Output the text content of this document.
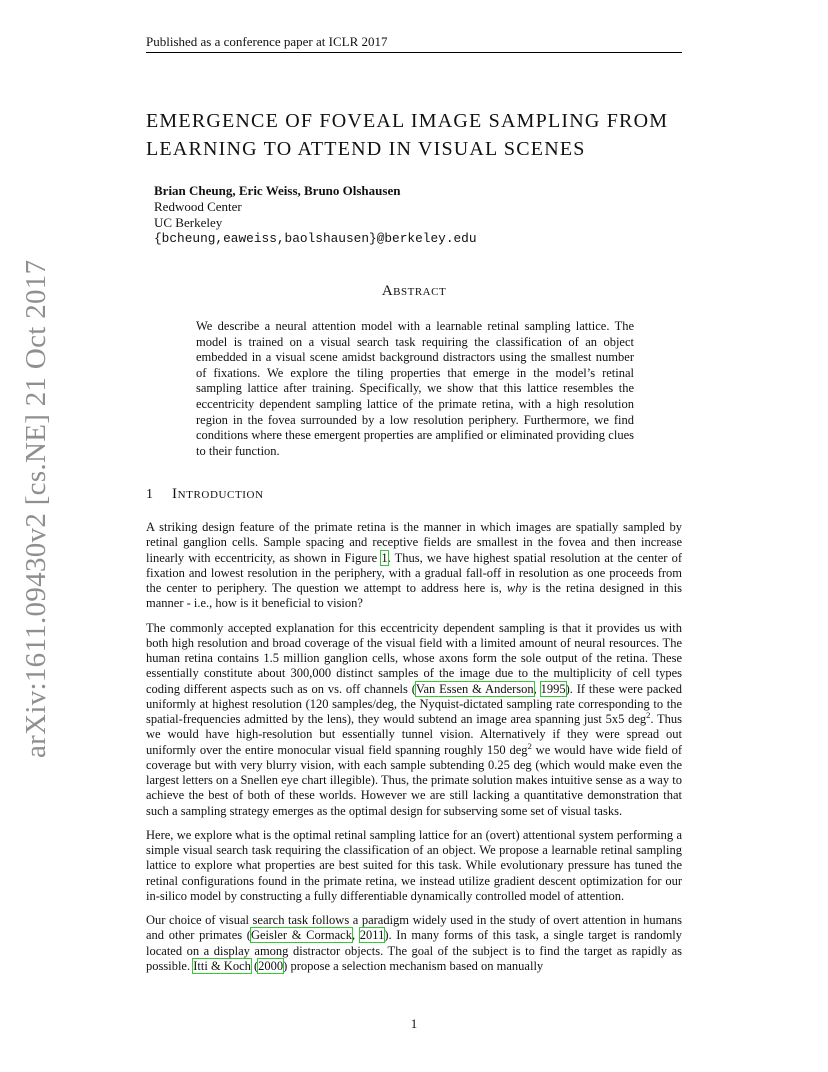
Published as a conference paper at ICLR 2017
arXiv:1611.09430v2 [cs.NE] 21 Oct 2017
EMERGENCE OF FOVEAL IMAGE SAMPLING FROM
LEARNING TO ATTEND IN VISUAL SCENES
Brian Cheung, Eric Weiss, Bruno Olshausen
Redwood Center
UC Berkeley
{bcheung,eaweiss,baolshausen}@berkeley.edu
Abstract

We describe a neural attention model with a learnable retinal sampling lattice. The model is trained on a visual search task requiring the classification of an object embedded in a visual scene amidst background distractors using the smallest number of fixations. We explore the tiling properties that emerge in the model’s retinal sampling lattice after training. Specifically, we show that this lattice resembles the eccentricity dependent sampling lattice of the primate retina, with a high resolution region in the fovea surrounded by a low resolution periphery. Furthermore, we find conditions where these emergent properties are amplified or eliminated providing clues to their function.

1 Introduction

A striking design feature of the primate retina is the manner in which images are spatially sampled by retinal ganglion cells. Sample spacing and receptive fields are smallest in the fovea and then increase linearly with eccentricity, as shown in Figure 1. Thus, we have highest spatial resolution at the center of fixation and lowest resolution in the periphery, with a gradual fall-off in resolution as one proceeds from the center to periphery. The question we attempt to address here is, why is the retina designed in this manner - i.e., how is it beneficial to vision?

The commonly accepted explanation for this eccentricity dependent sampling is that it provides us with both high resolution and broad coverage of the visual field with a limited amount of neural resources. The human retina contains 1.5 million ganglion cells, whose axons form the sole output of the retina. These essentially constitute about 300,000 distinct samples of the image due to the multiplicity of cell types coding different aspects such as on vs. off channels (Van Essen & Anderson, 1995). If these were packed uniformly at highest resolution (120 samples/deg, the Nyquist-dictated sampling rate corresponding to the spatial-frequencies admitted by the lens), they would subtend an image area spanning just 5x5 deg$^2$. Thus we would have high-resolution but essentially tunnel vision. Alternatively if they were spread out uniformly over the entire monocular visual field spanning roughly 150 deg$^2$ we would have wide field of coverage but with very blurry vision, with each sample subtending 0.25 deg (which would make even the largest letters on a Snellen eye chart illegible). Thus, the primate solution makes intuitive sense as a way to achieve the best of both of these worlds. However we are still lacking a quantitative demonstration that such a sampling strategy emerges as the optimal design for subserving some set of visual tasks.

Here, we explore what is the optimal retinal sampling lattice for an (overt) attentional system performing a simple visual search task requiring the classification of an object. We propose a learnable retinal sampling lattice to explore what properties are best suited for this task. While evolutionary pressure has tuned the retinal configurations found in the primate retina, we instead utilize gradient descent optimization for our in-silico model by constructing a fully differentiable dynamically controlled model of attention.

Our choice of visual search task follows a paradigm widely used in the study of overt attention in humans and other primates (Geisler & Cormack, 2011). In many forms of this task, a single target is randomly located on a display among distractor objects. The goal of the subject is to find the target as rapidly as possible. Itti & Koch (2000) propose a selection mechanism based on manually

1
